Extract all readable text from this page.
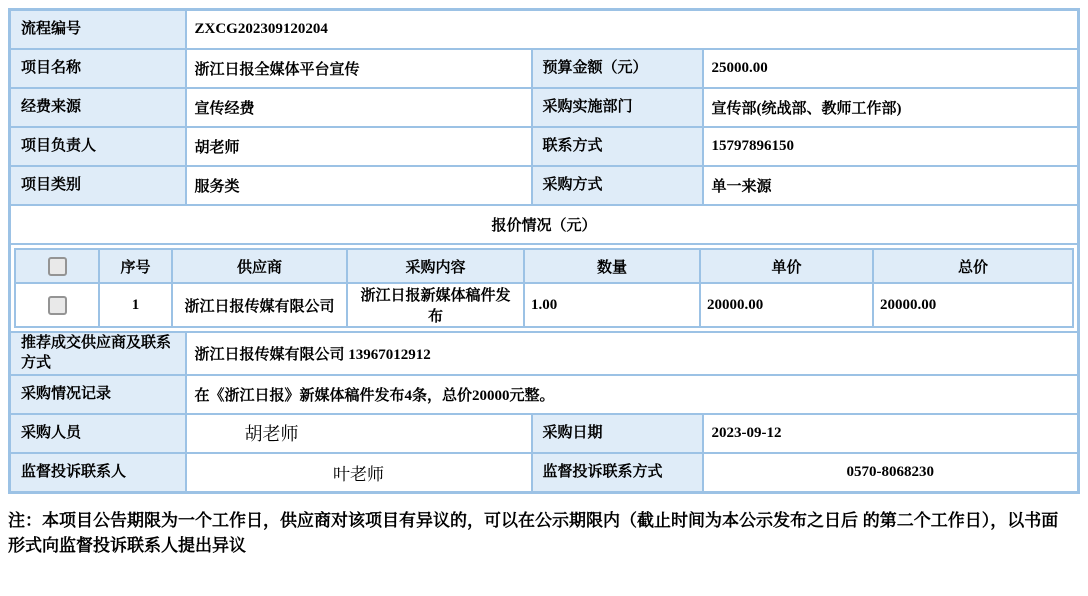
流程编号	ZXCG202309120204
项目名称	浙江日报全媒体平台宣传	预算金额（元）	25000.00
经费来源	宣传经费	采购实施部门	宣传部(统战部、教师工作部)
项目负责人	胡老师	联系方式	15797896150
项目类别	服务类	采购方式	单一来源
报价情况（元）

	序号	供应商	采购内容	数量	单价	总价
	1	浙江日报传媒有限公司	浙江日报新媒体稿件发布	1.00	20000.00	20000.00

推荐成交供应商及联系方式	浙江日报传媒有限公司 13967012912
采购情况记录	在《浙江日报》新媒体稿件发布4条，总价20000元整。
采购人员	胡老师	采购日期	2023-09-12
监督投诉联系人	叶老师	监督投诉联系方式	0570-8068230
注：本项目公告期限为一个工作日，供应商对该项目有异议的，可以在公示期限内（截止时间为本公示发布之日后 的第二个工作日），以书面形式向监督投诉联系人提出异议
